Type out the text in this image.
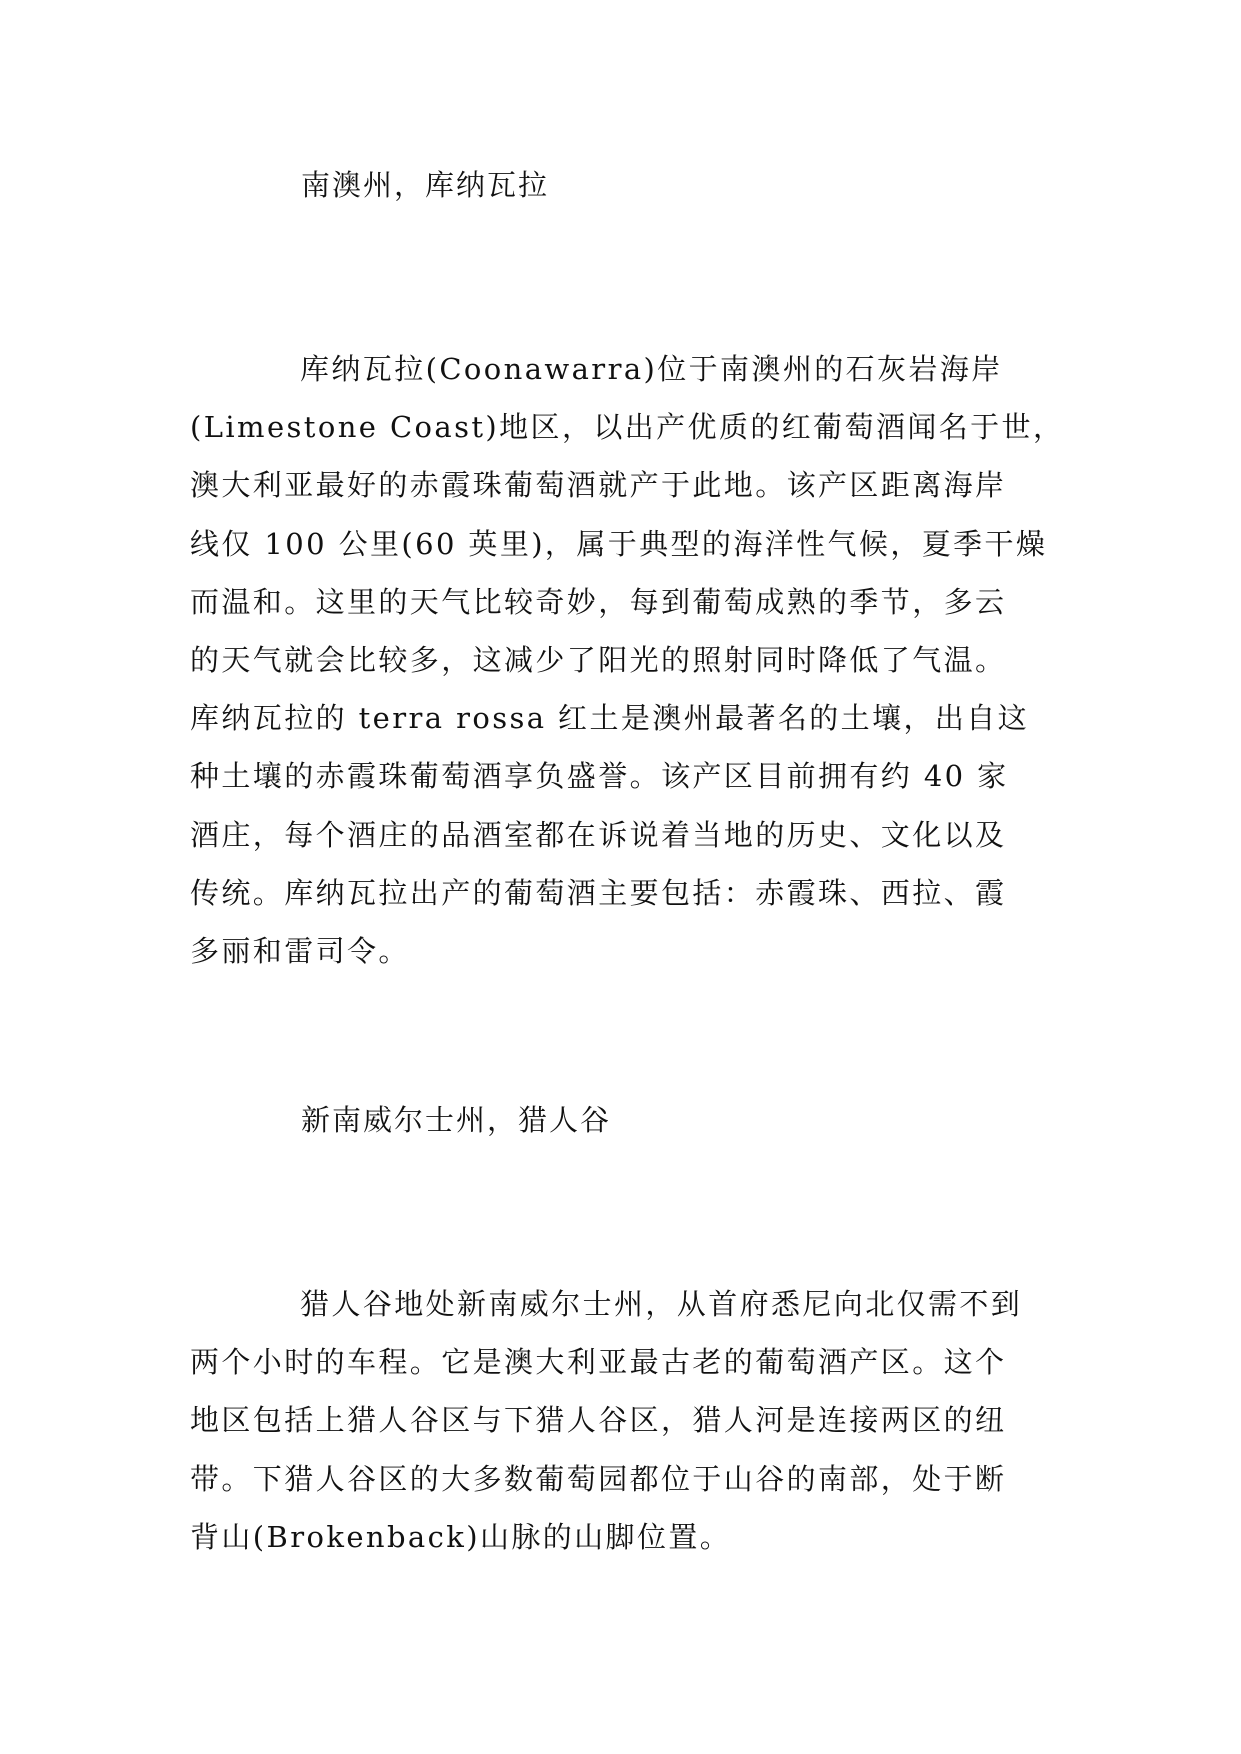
南澳州，库纳瓦拉
库纳瓦拉(Coonawarra)位于南澳州的石灰岩海岸
(Limestone Coast)地区，以出产优质的红葡萄酒闻名于世，
澳大利亚最好的赤霞珠葡萄酒就产于此地。该产区距离海岸
线仅 100 公里(60 英里)，属于典型的海洋性气候，夏季干燥
而温和。这里的天气比较奇妙，每到葡萄成熟的季节，多云
的天气就会比较多，这减少了阳光的照射同时降低了气温。
库纳瓦拉的 terra rossa 红土是澳州最著名的土壤，出自这
种土壤的赤霞珠葡萄酒享负盛誉。该产区目前拥有约 40 家
酒庄，每个酒庄的品酒室都在诉说着当地的历史、文化以及
传统。库纳瓦拉出产的葡萄酒主要包括：赤霞珠、西拉、霞
多丽和雷司令。
新南威尔士州，猎人谷
猎人谷地处新南威尔士州，从首府悉尼向北仅需不到
两个小时的车程。它是澳大利亚最古老的葡萄酒产区。这个
地区包括上猎人谷区与下猎人谷区，猎人河是连接两区的纽
带。下猎人谷区的大多数葡萄园都位于山谷的南部，处于断
背山(Brokenback)山脉的山脚位置。
